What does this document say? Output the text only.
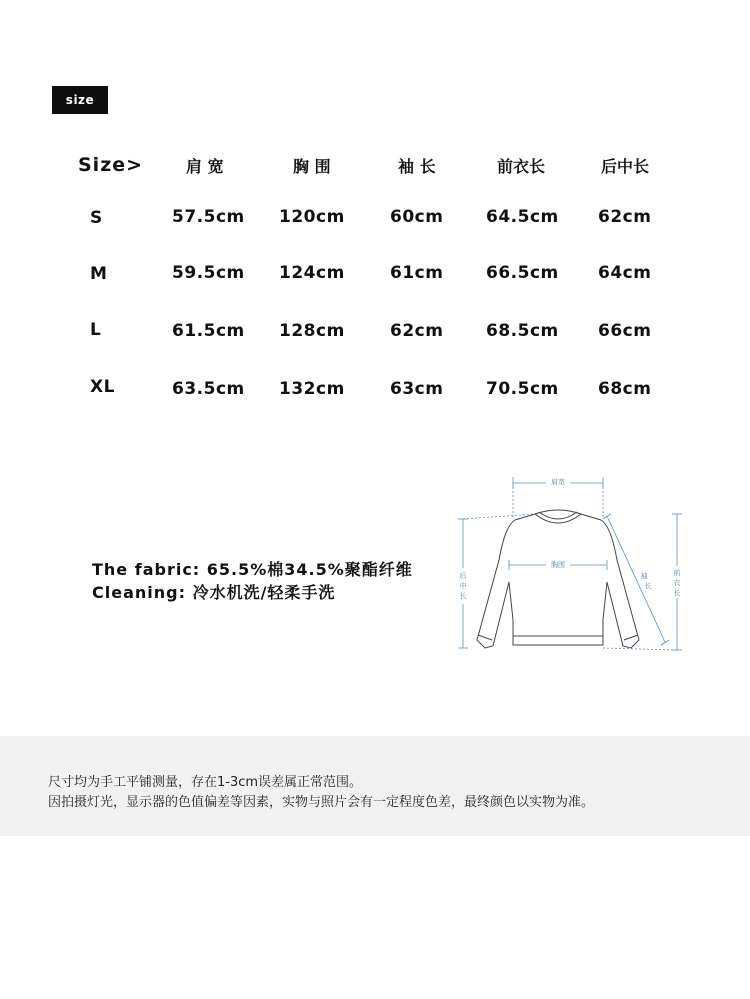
size
Size>	肩 宽	胸 围	袖 长	前衣长	后中长
S	57.5cm 120cm	60cm	64.5cm 62cm
M	59.5cm 124cm	61cm	66.5cm 64cm
L	61.5cm 128cm	62cm	68.5cm 66cm
XL	63.5cm 132cm	63cm	70.5cm 68cm
The fabric: 65.5%棉34.5%聚酯纤维
Cleaning: 冷水机洗/轻柔手洗
肩宽
胸围
后
中
长
袖
长
前
衣
长
尺寸均为手工平铺测量，存在1-3cm误差属正常范围。
因拍摄灯光，显示器的色值偏差等因素，实物与照片会有一定程度色差，最终颜色以实物为准。
